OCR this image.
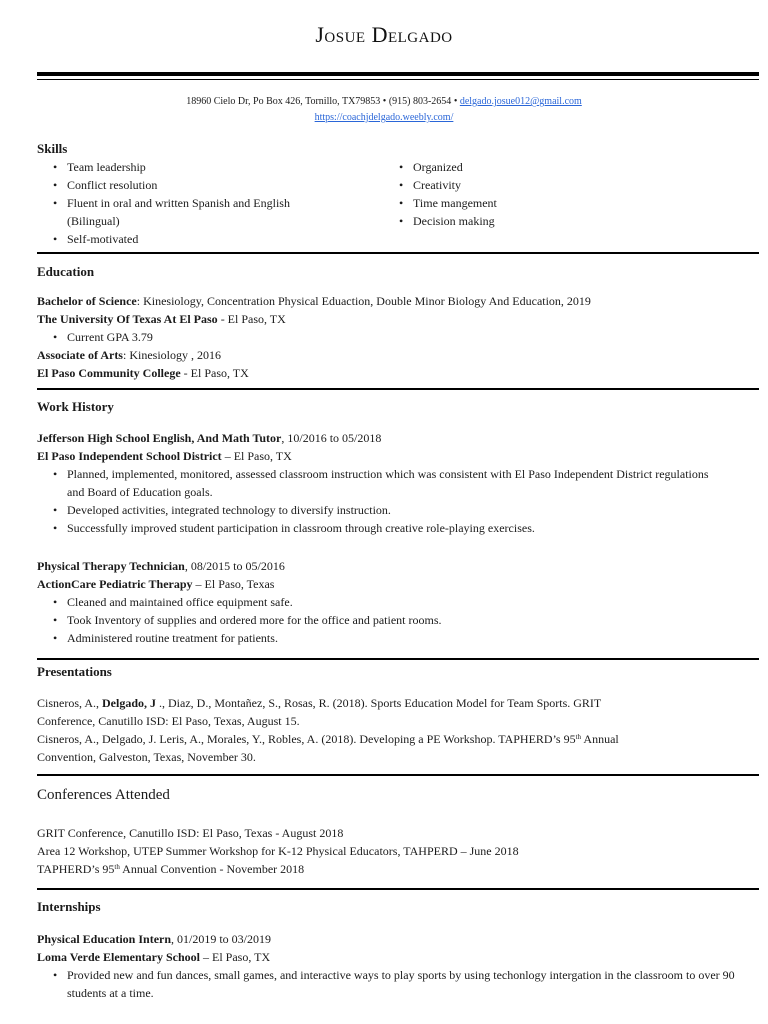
Josue Delgado
18960 Cielo Dr, Po Box 426, Tornillo, TX79853 • (915) 803-2654 • delgado.josue012@gmail.com
https://coachjdelgado.weebly.com/
Skills
• Team leadership
• Conflict resolution
• Fluent in oral and written Spanish and English (Bilingual)
• Self-motivated
• Organized
• Creativity
• Time mangement
• Decision making
Education
Bachelor of Science: Kinesiology, Concentration Physical Eduaction, Double Minor Biology And Education, 2019
The University Of Texas At El Paso - El Paso, TX
• Current GPA 3.79
Associate of Arts: Kinesiology , 2016
El Paso Community College - El Paso, TX
Work History
Jefferson High School English, And Math Tutor, 10/2016 to 05/2018
El Paso Independent School District – El Paso, TX
• Planned, implemented, monitored, assessed classroom instruction which was consistent with El Paso Independent District regulations and Board of Education goals.
• Developed activities, integrated technology to diversify instruction.
• Successfully improved student participation in classroom through creative role-playing exercises.
Physical Therapy Technician, 08/2015 to 05/2016
ActionCare Pediatric Therapy – El Paso, Texas
• Cleaned and maintained office equipment safe.
• Took Inventory of supplies and ordered more for the office and patient rooms.
• Administered routine treatment for patients.
Presentations
Cisneros, A., Delgado, J ., Diaz, D., Montañez, S., Rosas, R. (2018). Sports Education Model for Team Sports. GRIT
Conference, Canutillo ISD: El Paso, Texas, August 15.
Cisneros, A., Delgado, J. Leris, A., Morales, Y., Robles, A. (2018). Developing a PE Workshop. TAPHERD’s 95th Annual
Convention, Galveston, Texas, November 30.
Conferences Attended
GRIT Conference, Canutillo ISD: El Paso, Texas - August 2018
Area 12 Workshop, UTEP Summer Workshop for K-12 Physical Educators, TAHPERD – June 2018
TAPHERD’s 95th Annual Convention - November 2018
Internships
Physical Education Intern, 01/2019 to 03/2019
Loma Verde Elementary School – El Paso, TX
• Provided new and fun dances, small games, and interactive ways to play sports by using techonlogy intergation in the classroom to over 90 students at a time.
